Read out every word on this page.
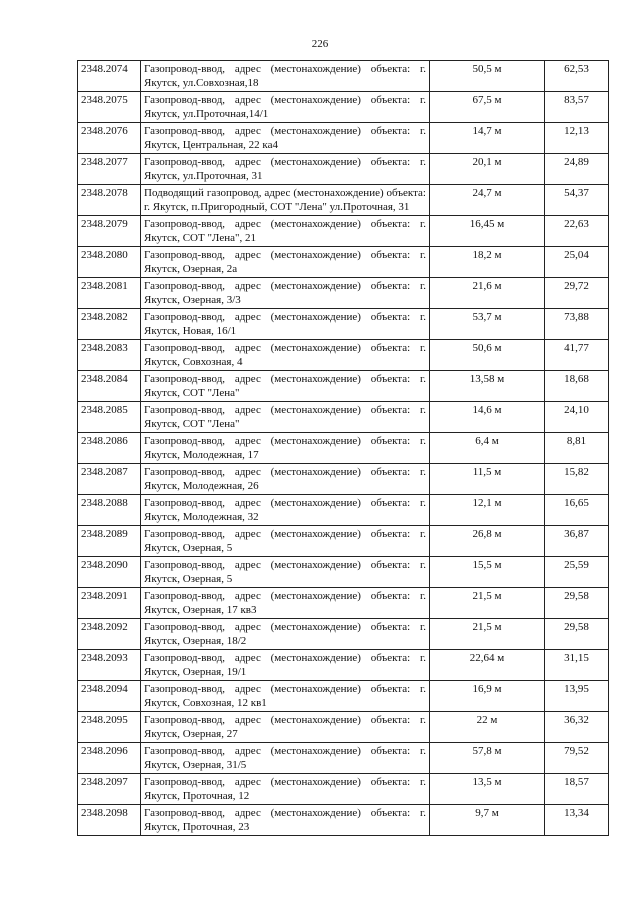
226
2348.2074	Газопровод-ввод, адрес (местонахождение) объекта: г. Якутск, ул.Совхозная,18	50,5 м	62,53
2348.2075	Газопровод-ввод, адрес (местонахождение) объекта: г. Якутск, ул.Проточная,14/1	67,5 м	83,57
2348.2076	Газопровод-ввод, адрес (местонахождение) объекта: г. Якутск, Центральная, 22 ка4	14,7 м	12,13
2348.2077	Газопровод-ввод, адрес (местонахождение) объекта: г. Якутск, ул.Проточная, 31	20,1 м	24,89
2348.2078	Подводящий газопровод, адрес (местонахождение) объекта: г. Якутск, п.Пригородный, СОТ "Лена" ул.Проточная, 31	24,7 м	54,37
2348.2079	Газопровод-ввод, адрес (местонахождение) объекта: г. Якутск, СОТ "Лена", 21	16,45 м	22,63
2348.2080	Газопровод-ввод, адрес (местонахождение) объекта: г. Якутск, Озерная, 2а	18,2 м	25,04
2348.2081	Газопровод-ввод, адрес (местонахождение) объекта: г. Якутск, Озерная, 3/3	21,6 м	29,72
2348.2082	Газопровод-ввод, адрес (местонахождение) объекта: г. Якутск, Новая, 16/1	53,7 м	73,88
2348.2083	Газопровод-ввод, адрес (местонахождение) объекта: г. Якутск, Совхозная, 4	50,6 м	41,77
2348.2084	Газопровод-ввод, адрес (местонахождение) объекта: г. Якутск, СОТ "Лена"	13,58 м	18,68
2348.2085	Газопровод-ввод, адрес (местонахождение) объекта: г. Якутск, СОТ "Лена"	14,6 м	24,10
2348.2086	Газопровод-ввод, адрес (местонахождение) объекта: г. Якутск, Молодежная, 17	6,4 м	8,81
2348.2087	Газопровод-ввод, адрес (местонахождение) объекта: г. Якутск, Молодежная, 26	11,5 м	15,82
2348.2088	Газопровод-ввод, адрес (местонахождение) объекта: г. Якутск, Молодежная, 32	12,1 м	16,65
2348.2089	Газопровод-ввод, адрес (местонахождение) объекта: г. Якутск, Озерная, 5	26,8 м	36,87
2348.2090	Газопровод-ввод, адрес (местонахождение) объекта: г. Якутск, Озерная, 5	15,5 м	25,59
2348.2091	Газопровод-ввод, адрес (местонахождение) объекта: г. Якутск, Озерная, 17 кв3	21,5 м	29,58
2348.2092	Газопровод-ввод, адрес (местонахождение) объекта: г. Якутск, Озерная, 18/2	21,5 м	29,58
2348.2093	Газопровод-ввод, адрес (местонахождение) объекта: г. Якутск, Озерная, 19/1	22,64 м	31,15
2348.2094	Газопровод-ввод, адрес (местонахождение) объекта: г. Якутск, Совхозная, 12 кв1	16,9 м	13,95
2348.2095	Газопровод-ввод, адрес (местонахождение) объекта: г. Якутск, Озерная, 27	22 м	36,32
2348.2096	Газопровод-ввод, адрес (местонахождение) объекта: г. Якутск, Озерная, 31/5	57,8 м	79,52
2348.2097	Газопровод-ввод, адрес (местонахождение) объекта: г. Якутск, Проточная, 12	13,5 м	18,57
2348.2098	Газопровод-ввод, адрес (местонахождение) объекта: г. Якутск, Проточная, 23	9,7 м	13,34
